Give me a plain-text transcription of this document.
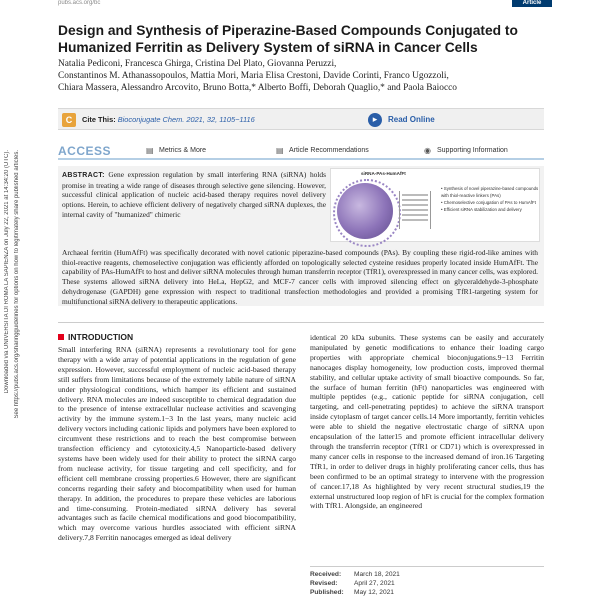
pubs.acs.org/bc	Article
Downloaded via UNIVERSITA DI ROMA LA SAPIENZA on July 22, 2021 at 14:34:20 (UTC). See https://pubs.acs.org/sharingguidelines for options on how to legitimately share published articles.
Design and Synthesis of Piperazine-Based Compounds Conjugated to Humanized Ferritin as Delivery System of siRNA in Cancer Cells
Natalia Pediconi, Francesca Ghirga, Cristina Del Plato, Giovanna Peruzzi,
Constantinos M. Athanassopoulos, Mattia Mori, Maria Elisa Crestoni, Davide Corinti, Franco Ugozzoli,
Chiara Massera, Alessandro Arcovito, Bruno Botta,* Alberto Boffi, Deborah Quaglio,* and Paola Baiocco
C	Cite This: Bioconjugate Chem. 2021, 32, 1105−1116	▸	Read Online
ACCESS	▤ Metrics & More	▤ Article Recommendations	◉ Supporting Information

ABSTRACT: Gene expression regulation by small interfering RNA (siRNA) holds promise in treating a wide range of diseases through selective gene silencing. However, successful clinical application of nucleic acid-based therapy requires novel delivery options. Herein, to achieve efficient delivery of negatively charged siRNA duplexes, the internal cavity of "humanized" chimeric

siRNA-PAs-HumAfFt
• Synthesis of novel piperazine-based compounds with thiol-reactive linkers (PAs)
• Chemoselective conjugation of PAs to HumAfFt
• Efficient siRNA stabilization and delivery

Archaeal ferritin (HumAfFt) was specifically decorated with novel cationic piperazine-based compounds (PAs). By coupling these rigid-rod-like amines with thiol-reactive reagents, chemoselective conjugation was efficiently afforded on topologically selected cysteine residues properly located inside HumAfFt. The capability of PAs-HumAfFt to host and deliver siRNA molecules through human transferrin receptor (TfR1), overexpressed in many cancer cells, was explored. These systems allowed siRNA delivery into HeLa, HepG2, and MCF-7 cancer cells with improved silencing effect on glyceraldehyde-3-phosphate dehydrogenase (GAPDH) gene expression with respect to traditional transfection methodologies and provided a promising TfR1-targeting system for multifunctional siRNA delivery to therapeutic applications.

INTRODUCTION

Small interfering RNA (siRNA) represents a revolutionary tool for gene therapy with a wide array of potential applications in the regulation of gene expression. However, successful employment of nucleic acid-based therapy still suffers from limitations because of the extremely labile nature of siRNA under physiological conditions, which hamper its efficient and sustained delivery. RNA molecules are indeed susceptible to chemical degradation due to the presence of intense extracellular nuclease activities and scavenging activity by the immune system.1−3 In the last years, many nucleic acid delivery vectors including cationic lipids and polymers have been explored to circumvent these restrictions and to reach the best compromise between transfection efficiency and cytotoxicity.4,5 Nanoparticle-based delivery systems have been widely used for their ability to protect the siRNA cargo from nuclease activity, for tissue targeting and cell specificity, and for efficient cell membrane crossing properties.6 However, there are significant concerns regarding their safety and biocompatibility when used for human therapy. In addition, the procedures to prepare these vehicles are laborious and time-consuming. Protein-mediated siRNA delivery has several advantages such as facile chemical modifications and good biocompatibility, which may overcome various hurdles associated with efficient siRNA delivery.7,8 Ferritin nanocages emerged as ideal delivery

identical 20 kDa subunits. These systems can be easily and accurately manipulated by genetic modifications to enhance their loading cargo properties with appropriate chemical bioconjugations.9−13 Ferritin nanocages display homogeneity, low production costs, improved thermal stability, and cellular uptake activity of small bioactive compounds. So far, the surface of human ferritin (hFt) nanoparticles was engineered with multiple peptides (e.g., cationic peptide for siRNA conjugation, cell targeting, and cell-penetrating peptides) to achieve the siRNA transport inside cytoplasm of target cancer cells.14 More importantly, ferritin vehicles were able to shield the negative electrostatic charge of siRNA upon encapsulation of the latter15 and promote efficient intracellular delivery through the transferrin receptor (TfR1 or CD71) which is overexpressed in many cancer cells in response to the increased demand of iron.16 Targeting TfR1, in order to deliver drugs in highly proliferating cancer cells, thus has been confirmed to be an optimal strategy to intervene with the progression of cancer.17,18 As highlighted by very recent structural studies,19 the external unstructured loop region of hFt is crucial for the complex formation with TfR1. Alongside, an engineered

Received: March 18, 2021
Revised:	April 27, 2021
Published: May 12, 2021
